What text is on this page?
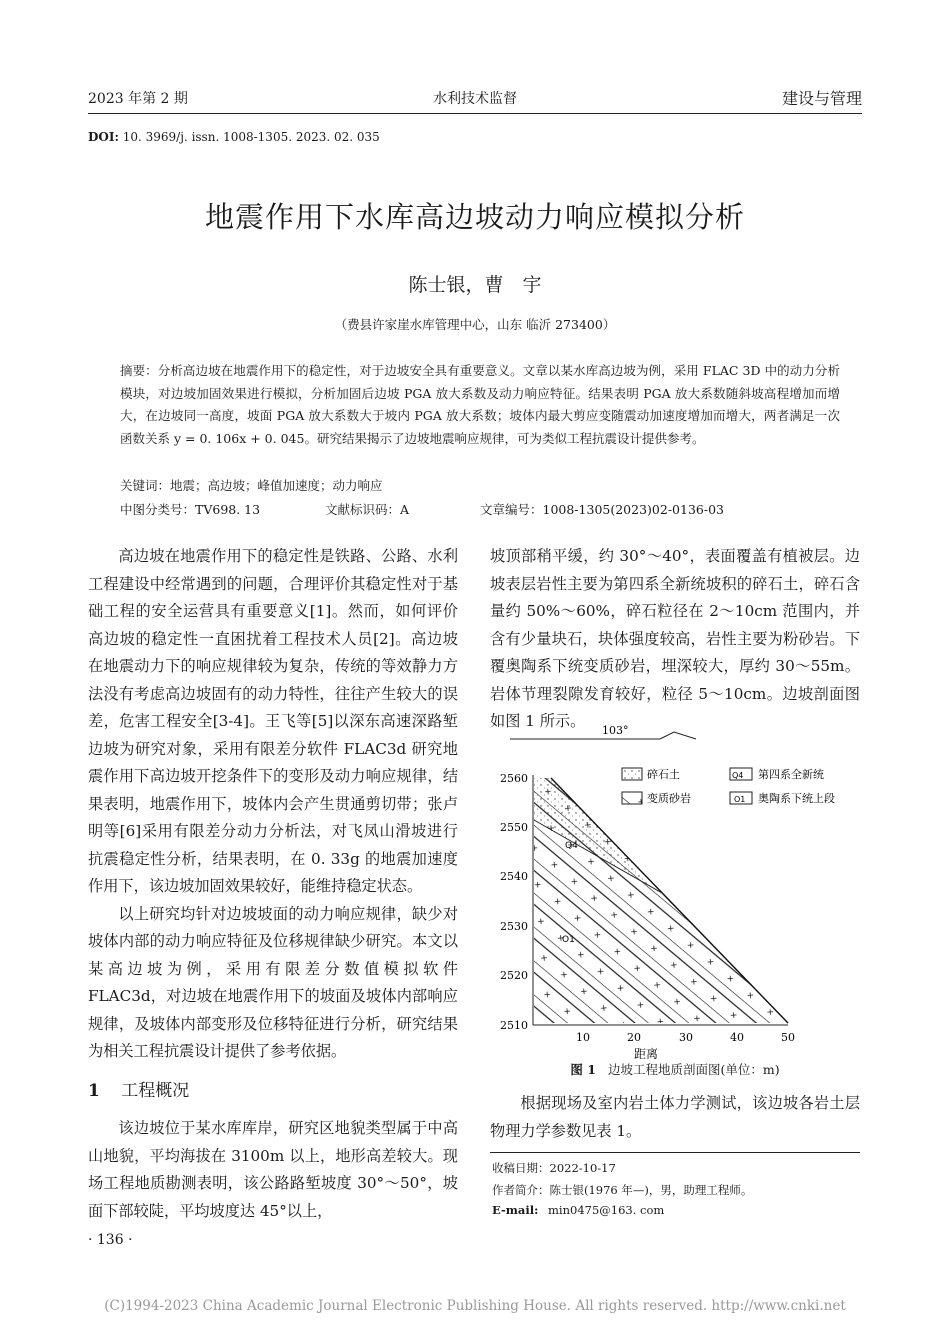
2023 年第 2 期	水利技术监督	建设与管理
DOI: 10. 3969/j. issn. 1008-1305. 2023. 02. 035
地震作用下水库高边坡动力响应模拟分析
陈士银，曹　宇
（费县许家崖水库管理中心，山东 临沂 273400）
摘要：分析高边坡在地震作用下的稳定性，对于边坡安全具有重要意义。文章以某水库高边坡为例，采用 FLAC 3D 中的动力分析模块，对边坡加固效果进行模拟，分析加固后边坡 PGA 放大系数及动力响应特征。结果表明 PGA 放大系数随斜坡高程增加而增大，在边坡同一高度，坡面 PGA 放大系数大于坡内 PGA 放大系数；坡体内最大剪应变随震动加速度增加而增大，两者满足一次函数关系 y = 0. 106x + 0. 045。研究结果揭示了边坡地震响应规律，可为类似工程抗震设计提供参考。
关键词：地震；高边坡；峰值加速度；动力响应
中图分类号：TV698. 13	文献标识码：A	文章编号：1008-1305(2023)02-0136-03

高边坡在地震作用下的稳定性是铁路、公路、水利工程建设中经常遇到的问题，合理评价其稳定性对于基础工程的安全运营具有重要意义[1]。然而，如何评价高边坡的稳定性一直困扰着工程技术人员[2]。高边坡在地震动力下的响应规律较为复杂，传统的等效静力方法没有考虑高边坡固有的动力特性，往往产生较大的误差，危害工程安全[3-4]。王飞等[5]以深东高速深路堑边坡为研究对象，采用有限差分软件 FLAC3d 研究地震作用下高边坡开挖条件下的变形及动力响应规律，结果表明，地震作用下，坡体内会产生贯通剪切带；张卢明等[6]采用有限差分动力分析法，对飞凤山滑坡进行抗震稳定性分析，结果表明，在 0. 33g 的地震加速度作用下，该边坡加固效果较好，能维持稳定状态。

以上研究均针对边坡坡面的动力响应规律，缺少对坡体内部的动力响应特征及位移规律缺少研究。本文以某高边坡为例，采用有限差分数值模拟软件 FLAC3d，对边坡在地震作用下的坡面及坡体内部响应规律，及坡体内部变形及位移特征进行分析，研究结果为相关工程抗震设计提供了参考依据。

1 工程概况

该边坡位于某水库库岸，研究区地貌类型属于中高山地貌，平均海拔在 3100m 以上，地形高差较大。现场工程地质勘测表明，该公路路堑坡度 30°～50°，坡面下部较陡，平均坡度达 45°以上，

坡顶部稍平缓，约 30°～40°，表面覆盖有植被层。边坡表层岩性主要为第四系全新统坡积的碎石土，碎石含量约 50%～60%，碎石粒径在 2～10cm 范围内，并含有少量块石，块体强度较高，岩性主要为粉砂岩。下覆奥陶系下统变质砂岩，埋深较大，厚约 30～55m。岩体节理裂隙发育较好，粒径 5～10cm。边坡剖面图如图 1 所示。

103°
碎石土	Q4 第四系全新统
变质砂岩	O1 奥陶系下统上段
Q4
O1
2560
2550
2540
2530
2520
2510
10	20	30	40	50
距离
图 1 边坡工程地质剖面图(单位：m)

根据现场及室内岩土体力学测试，该边坡各岩土层物理力学参数见表 1。

收稿日期：2022-10-17
作者简介：陈士银(1976 年—)，男，助理工程师。
E-mail: min0475@163. com
· 136 ·
(C)1994-2023 China Academic Journal Electronic Publishing House. All rights reserved. http://www.cnki.net
